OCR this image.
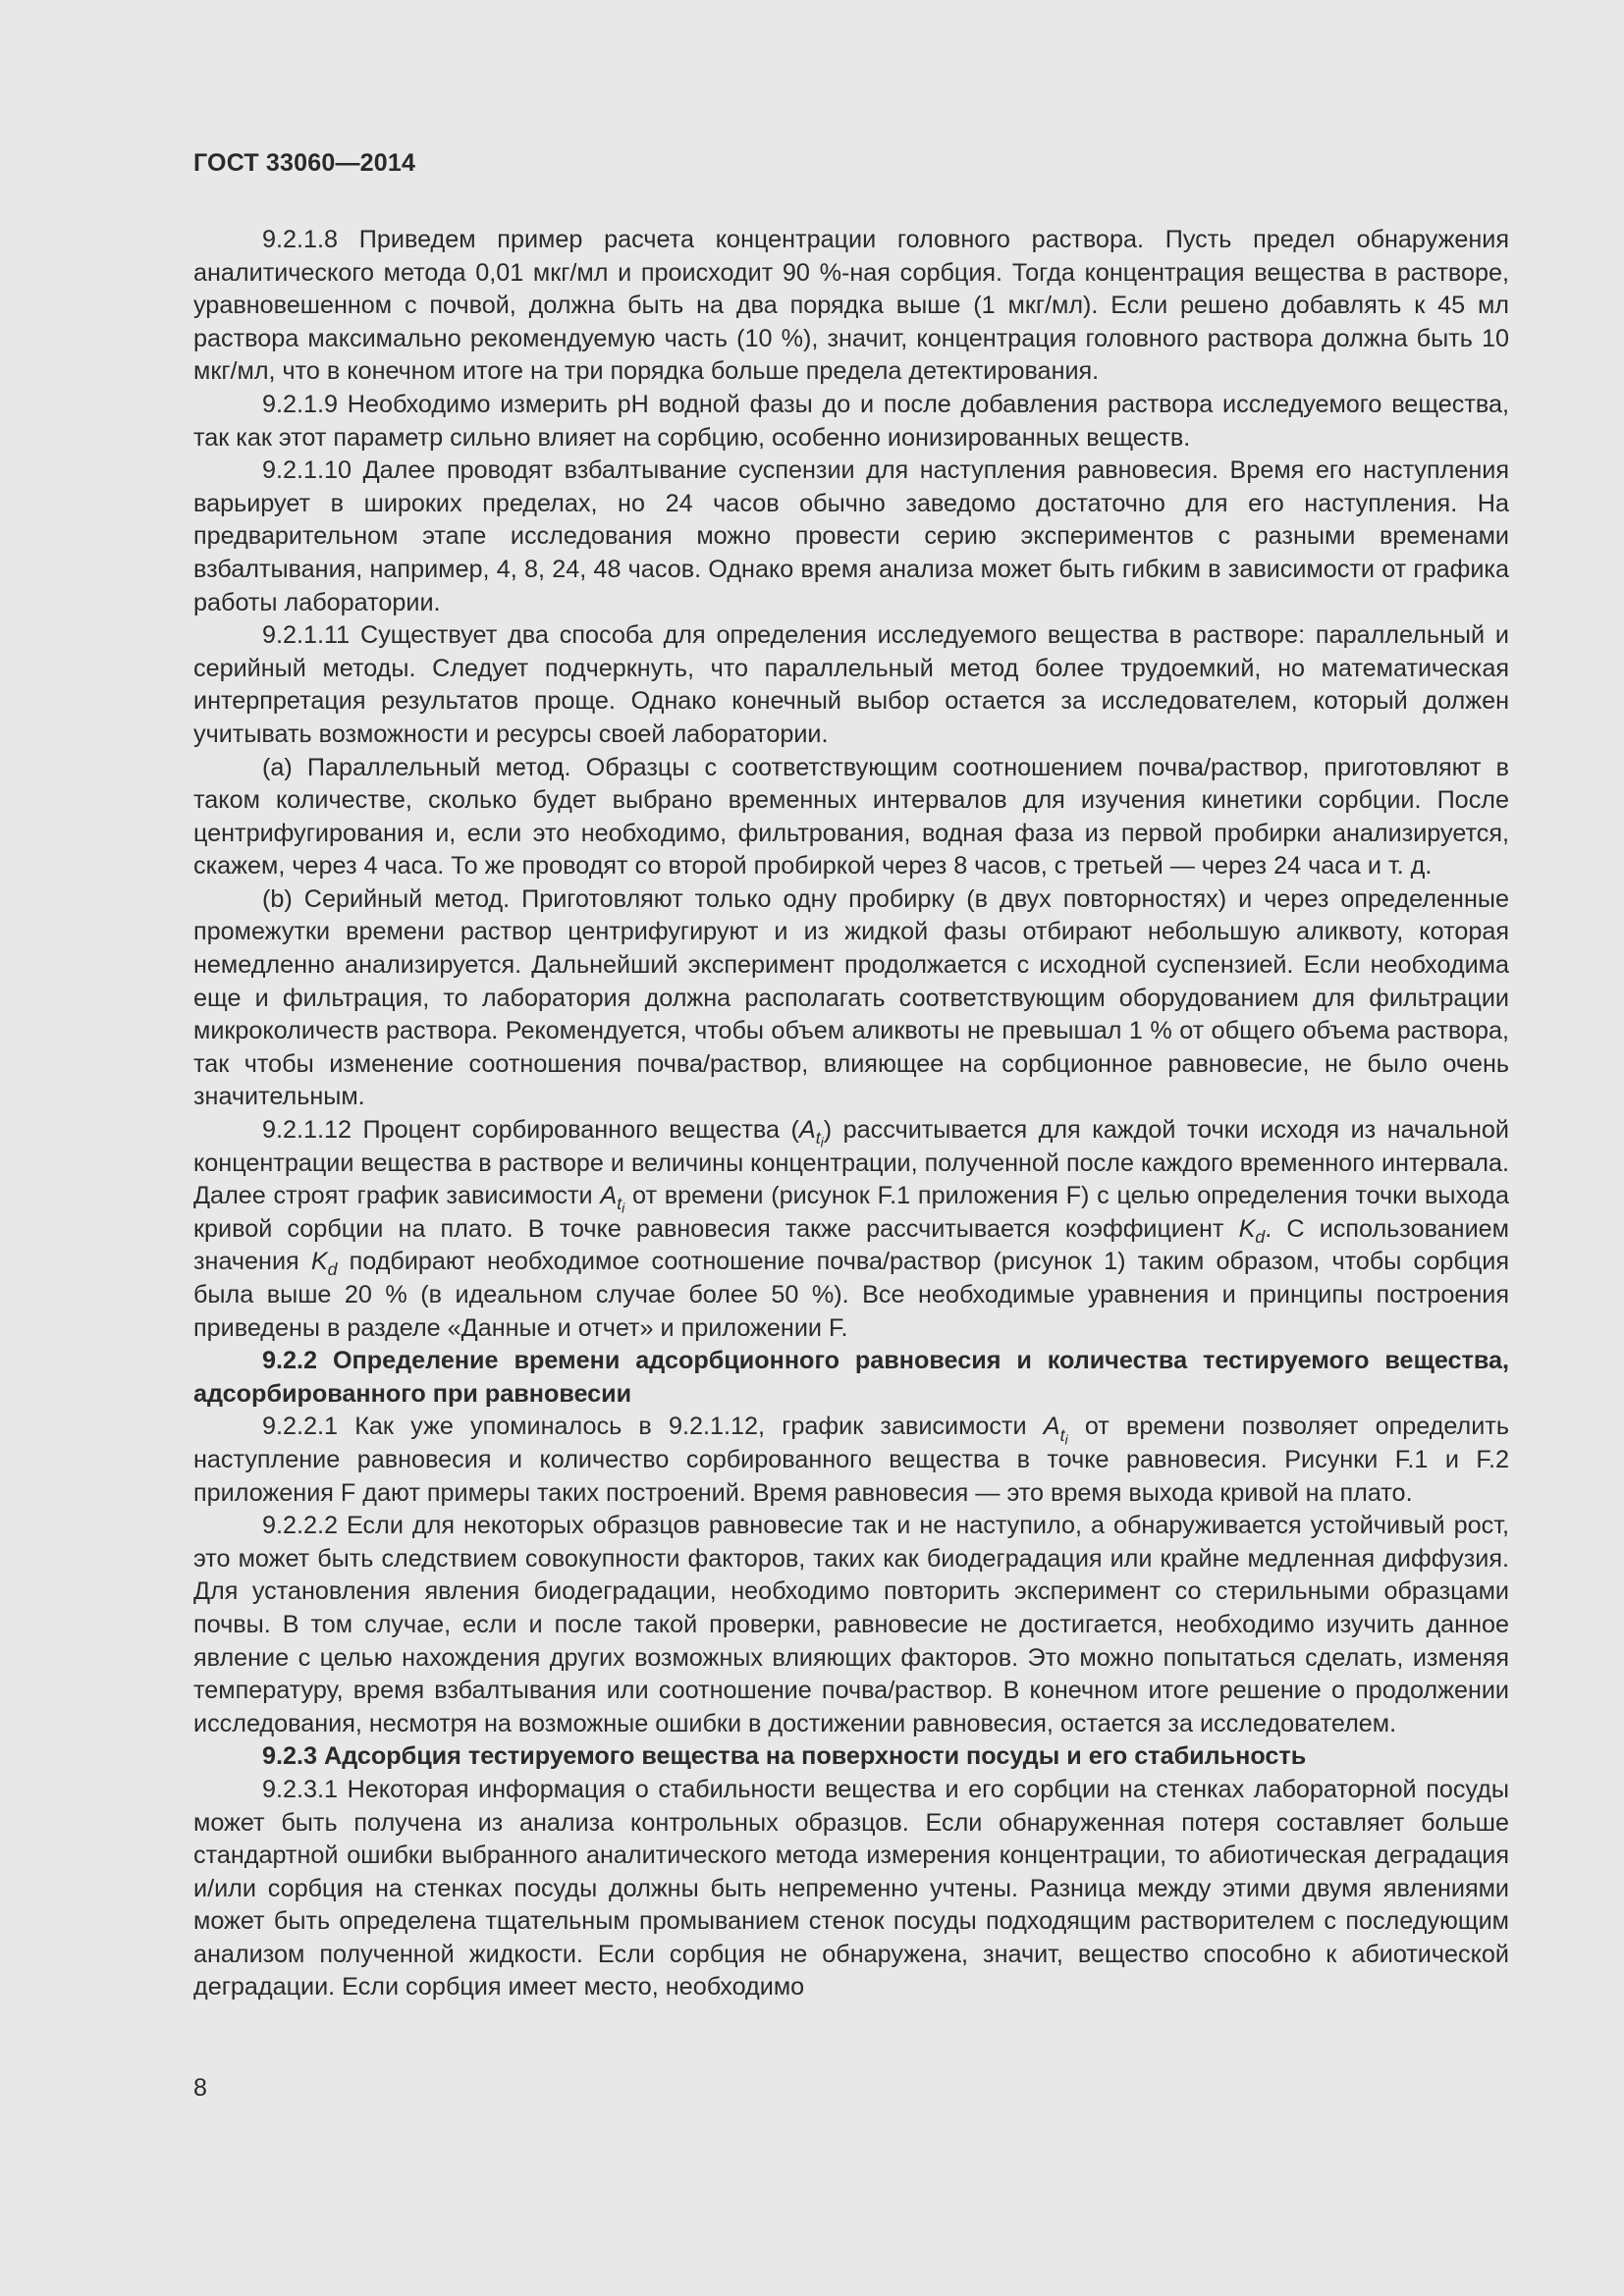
ГОСТ 33060—2014

9.2.1.8 Приведем пример расчета концентрации головного раствора. Пусть предел обнаружения аналитического метода 0,01 мкг/мл и происходит 90 %-ная сорбция. Тогда концентрация вещества в растворе, уравновешенном с почвой, должна быть на два порядка выше (1 мкг/мл). Если решено добавлять к 45 мл раствора максимально рекомендуемую часть (10 %), значит, концентрация головного раствора должна быть 10 мкг/мл, что в конечном итоге на три порядка больше предела детектирования.

9.2.1.9 Необходимо измерить рН водной фазы до и после добавления раствора исследуемого вещества, так как этот параметр сильно влияет на сорбцию, особенно ионизированных веществ.

9.2.1.10 Далее проводят взбалтывание суспензии для наступления равновесия. Время его наступления варьирует в широких пределах, но 24 часов обычно заведомо достаточно для его наступления. На предварительном этапе исследования можно провести серию экспериментов с разными временами взбалтывания, например, 4, 8, 24, 48 часов. Однако время анализа может быть гибким в зависимости от графика работы лаборатории.

9.2.1.11 Существует два способа для определения исследуемого вещества в растворе: параллельный и серийный методы. Следует подчеркнуть, что параллельный метод более трудоемкий, но математическая интерпретация результатов проще. Однако конечный выбор остается за исследователем, который должен учитывать возможности и ресурсы своей лаборатории.

(a) Параллельный метод. Образцы с соответствующим соотношением почва/раствор, приготовляют в таком количестве, сколько будет выбрано временных интервалов для изучения кинетики сорбции. После центрифугирования и, если это необходимо, фильтрования, водная фаза из первой пробирки анализируется, скажем, через 4 часа. То же проводят со второй пробиркой через 8 часов, с третьей — через 24 часа и т. д.

(b) Серийный метод. Приготовляют только одну пробирку (в двух повторностях) и через определенные промежутки времени раствор центрифугируют и из жидкой фазы отбирают небольшую аликвоту, которая немедленно анализируется. Дальнейший эксперимент продолжается с исходной суспензией. Если необходима еще и фильтрация, то лаборатория должна располагать соответствующим оборудованием для фильтрации микроколичеств раствора. Рекомендуется, чтобы объем аликвоты не превышал 1 % от общего объема раствора, так чтобы изменение соотношения почва/раствор, влияющее на сорбционное равновесие, не было очень значительным.

9.2.1.12 Процент сорбированного вещества $(A_{ti})$ рассчитывается для каждой точки исходя из начальной концентрации вещества в растворе и величины концентрации, полученной после каждого временного интервала. Далее строят график зависимости $A_{ti}$ от времени (рисунок F.1 приложения F) с целью определения точки выхода кривой сорбции на плато. В точке равновесия также рассчитывается коэффициент $K_d$. С использованием значения $K_d$ подбирают необходимое соотношение почва/раствор (рисунок 1) таким образом, чтобы сорбция была выше 20 % (в идеальном случае более 50 %). Все необходимые уравнения и принципы построения приведены в разделе «Данные и отчет» и приложении F.

9.2.2 Определение времени адсорбционного равновесия и количества тестируемого вещества, адсорбированного при равновесии

9.2.2.1 Как уже упоминалось в 9.2.1.12, график зависимости $A_{ti}$ от времени позволяет определить наступление равновесия и количество сорбированного вещества в точке равновесия. Рисунки F.1 и F.2 приложения F дают примеры таких построений. Время равновесия — это время выхода кривой на плато.

9.2.2.2 Если для некоторых образцов равновесие так и не наступило, а обнаруживается устойчивый рост, это может быть следствием совокупности факторов, таких как биодеградация или крайне медленная диффузия. Для установления явления биодеградации, необходимо повторить эксперимент со стерильными образцами почвы. В том случае, если и после такой проверки, равновесие не достигается, необходимо изучить данное явление с целью нахождения других возможных влияющих факторов. Это можно попытаться сделать, изменяя температуру, время взбалтывания или соотношение почва/раствор. В конечном итоге решение о продолжении исследования, несмотря на возможные ошибки в достижении равновесия, остается за исследователем.

9.2.3 Адсорбция тестируемого вещества на поверхности посуды и его стабильность

9.2.3.1 Некоторая информация о стабильности вещества и его сорбции на стенках лабораторной посуды может быть получена из анализа контрольных образцов. Если обнаруженная потеря составляет больше стандартной ошибки выбранного аналитического метода измерения концентрации, то абиотическая деградация и/или сорбция на стенках посуды должны быть непременно учтены. Разница между этими двумя явлениями может быть определена тщательным промыванием стенок посуды подходящим растворителем с последующим анализом полученной жидкости. Если сорбция не обнаружена, значит, вещество способно к абиотической деградации. Если сорбция имеет место, необходимо

8
